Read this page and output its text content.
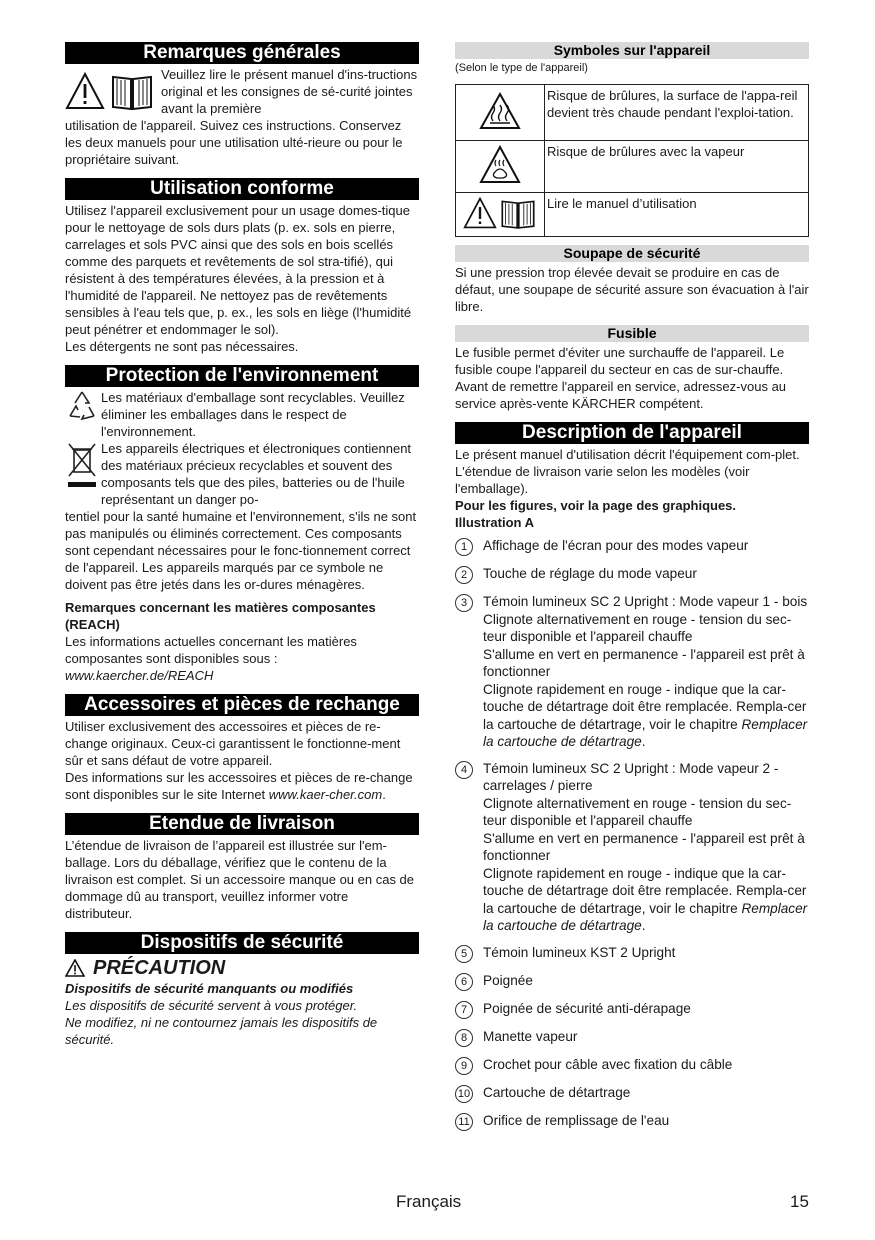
Remarques générales

Veuillez lire le présent manuel d'ins-tructions original et les consignes de sé-curité jointes avant la première

utilisation de l'appareil. Suivez ces instructions. Conservez les deux manuels pour une utilisation ulté-rieure ou pour le propriétaire suivant.

Utilisation conforme

Utilisez l'appareil exclusivement pour un usage domes-tique pour le nettoyage de sols durs plats (p. ex. sols en pierre, carrelages et sols PVC ainsi que des sols en bois scellés comme des parquets et revêtements de sol stra-tifié), qui résistent à des températures élevées, à la pression et à l'humidité de l'appareil. Ne nettoyez pas de revêtements sensibles à l'eau tels que, p. ex., les sols en liège (l'humidité peut pénétrer et endommager le sol).

Les détergents ne sont pas nécessaires.

Protection de l'environnement

Les matériaux d'emballage sont recyclables. Veuillez éliminer les emballages dans le respect de l'environnement.

Les appareils électriques et électroniques contiennent des matériaux précieux recyclables et souvent des composants tels que des piles, batteries ou de l'huile représentant un danger po-

tentiel pour la santé humaine et l'environnement, s'ils ne sont pas manipulés ou éliminés correctement. Ces composants sont cependant nécessaires pour le fonc-tionnement correct de l'appareil. Les appareils marqués par ce symbole ne doivent pas être jetés dans les or-dures ménagères.

Remarques concernant les matières composantes (REACH)

Les informations actuelles concernant les matières composantes sont disponibles sous : www.kaercher.de/REACH

Accessoires et pièces de rechange

Utiliser exclusivement des accessoires et pièces de re-change originaux. Ceux-ci garantissent le fonctionne-ment sûr et sans défaut de votre appareil.

Des informations sur les accessoires et pièces de re-change sont disponibles sur le site Internet www.kaer-cher.com.

Etendue de livraison

L’étendue de livraison de l’appareil est illustrée sur l'em-ballage. Lors du déballage, vérifiez que le contenu de la livraison est complet. Si un accessoire manque ou en cas de dommage dû au transport, veuillez informer votre distributeur.

Dispositifs de sécurité
PRÉCAUTION

Dispositifs de sécurité manquants ou modifiés

Les dispositifs de sécurité servent à vous protéger.

Ne modifiez, ni ne contournez jamais les dispositifs de sécurité.

Symboles sur l'appareil

(Selon le type de l'appareil)

	Risque de brûlures, la surface de l'appa-reil devient très chaude pendant l'exploi-tation.
	Risque de brûlures avec la vapeur

	Lire le manuel d’utilisation
Soupape de sécurité

Si une pression trop élevée devait se produire en cas de défaut, une soupape de sécurité assure son évacuation à l'air libre.

Fusible

Le fusible permet d'éviter une surchauffe de l'appareil. Le fusible coupe l'appareil du secteur en cas de sur-chauffe.

Avant de remettre l'appareil en service, adressez-vous au service après-vente KÄRCHER compétent.

Description de l'appareil

Le présent manuel d'utilisation décrit l'équipement com-plet. L'étendue de livraison varie selon les modèles (voir l'emballage).

Pour les figures, voir la page des graphiques.

Illustration A

1	Affichage de l'écran pour des modes vapeur
2	Touche de réglage du mode vapeur
3	Témoin lumineux SC 2 Upright : Mode vapeur 1 - bois
Clignote alternativement en rouge - tension du sec-teur disponible et l'appareil chauffe
S'allume en vert en permanence - l'appareil est prêt à fonctionner
Clignote rapidement en rouge - indique que la car-touche de détartrage doit être remplacée. Rempla-cer la cartouche de détartrage, voir le chapitre Remplacer la cartouche de détartrage.
4	Témoin lumineux SC 2 Upright : Mode vapeur 2 - carrelages / pierre
Clignote alternativement en rouge - tension du sec-teur disponible et l'appareil chauffe
S'allume en vert en permanence - l'appareil est prêt à fonctionner
Clignote rapidement en rouge - indique que la car-touche de détartrage doit être remplacée. Rempla-cer la cartouche de détartrage, voir le chapitre Remplacer la cartouche de détartrage.
5	Témoin lumineux KST 2 Upright
6	Poignée
7	Poignée de sécurité anti-dérapage
8	Manette vapeur
9	Crochet pour câble avec fixation du câble
10 Cartouche de détartrage
11 Orifice de remplissage de l'eau
Français	15
